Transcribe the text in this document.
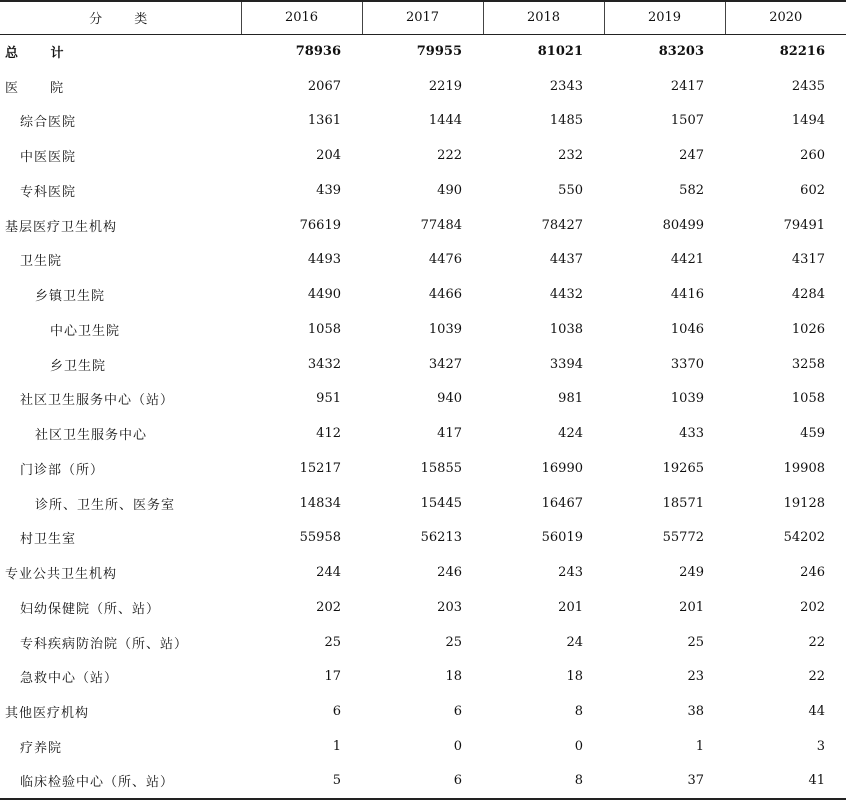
分 类	2016	2017	2018	2019	2020
总 计	78936	79955	81021	83203	82216
医 院	2067	2219	2343	2417	2435
综合医院	1361	1444	1485	1507	1494
中医医院	204	222	232	247	260
专科医院	439	490	550	582	602
基层医疗卫生机构	76619	77484	78427	80499	79491
卫生院	4493	4476	4437	4421	4317
乡镇卫生院	4490	4466	4432	4416	4284
中心卫生院	1058	1039	1038	1046	1026
乡卫生院	3432	3427	3394	3370	3258
社区卫生服务中心（站）	951	940	981	1039	1058
社区卫生服务中心	412	417	424	433	459
门诊部（所）	15217	15855	16990	19265	19908
诊所、卫生所、医务室	14834	15445	16467	18571	19128
村卫生室	55958	56213	56019	55772	54202
专业公共卫生机构	244	246	243	249	246
妇幼保健院（所、站）	202	203	201	201	202
专科疾病防治院（所、站）	25	25	24	25	22
急救中心（站）	17	18	18	23	22
其他医疗机构	6	6	8	38	44
疗养院	1	0	0	1	3
临床检验中心（所、站）	5	6	8	37	41
